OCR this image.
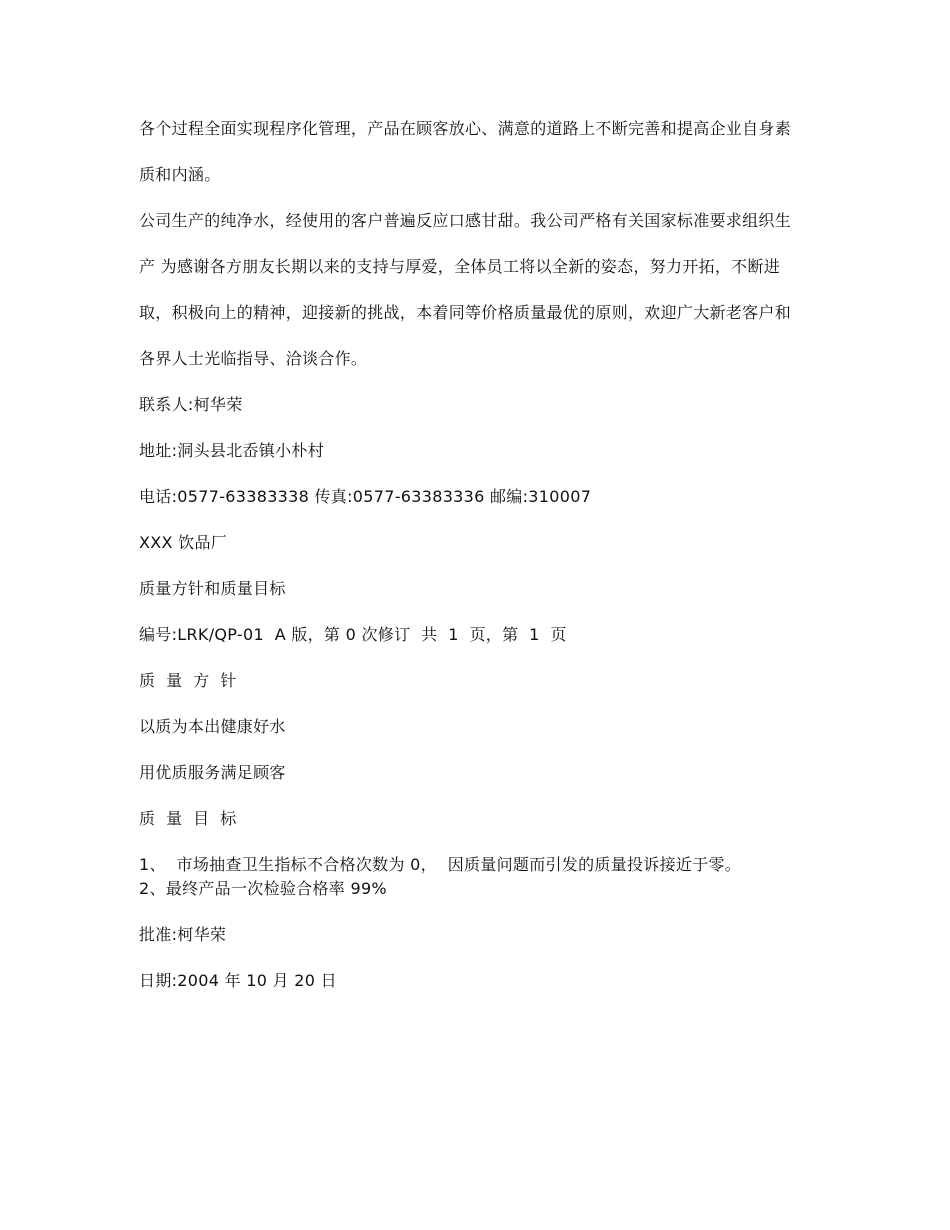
各个过程全面实现程序化管理，产品在顾客放心、满意的道路上不断完善和提高企业自身素

质和内涵。

公司生产的纯净水，经使用的客户普遍反应口感甘甜。我公司严格有关国家标准要求组织生

产 为感谢各方朋友长期以来的支持与厚爱，全体员工将以全新的姿态，努力开拓，不断进

取，积极向上的精神，迎接新的挑战，本着同等价格质量最优的原则，欢迎广大新老客户和

各界人士光临指导、洽谈合作。

联系人:柯华荣

地址:洞头县北岙镇小朴村

电话:0577-63383338 传真:0577-63383336 邮编:310007

XXX 饮品厂

质量方针和质量目标

编号:LRK/QP-01  A 版，第 0 次修订  共  1  页，第  1  页

质  量  方  针

以质为本出健康好水

用优质服务满足顾客

质  量  目  标

1、  市场抽查卫生指标不合格次数为 0，  因质量问题而引发的质量投诉接近于零。

2、最终产品一次检验合格率 99%

批准:柯华荣

日期:2004 年 10 月 20 日
